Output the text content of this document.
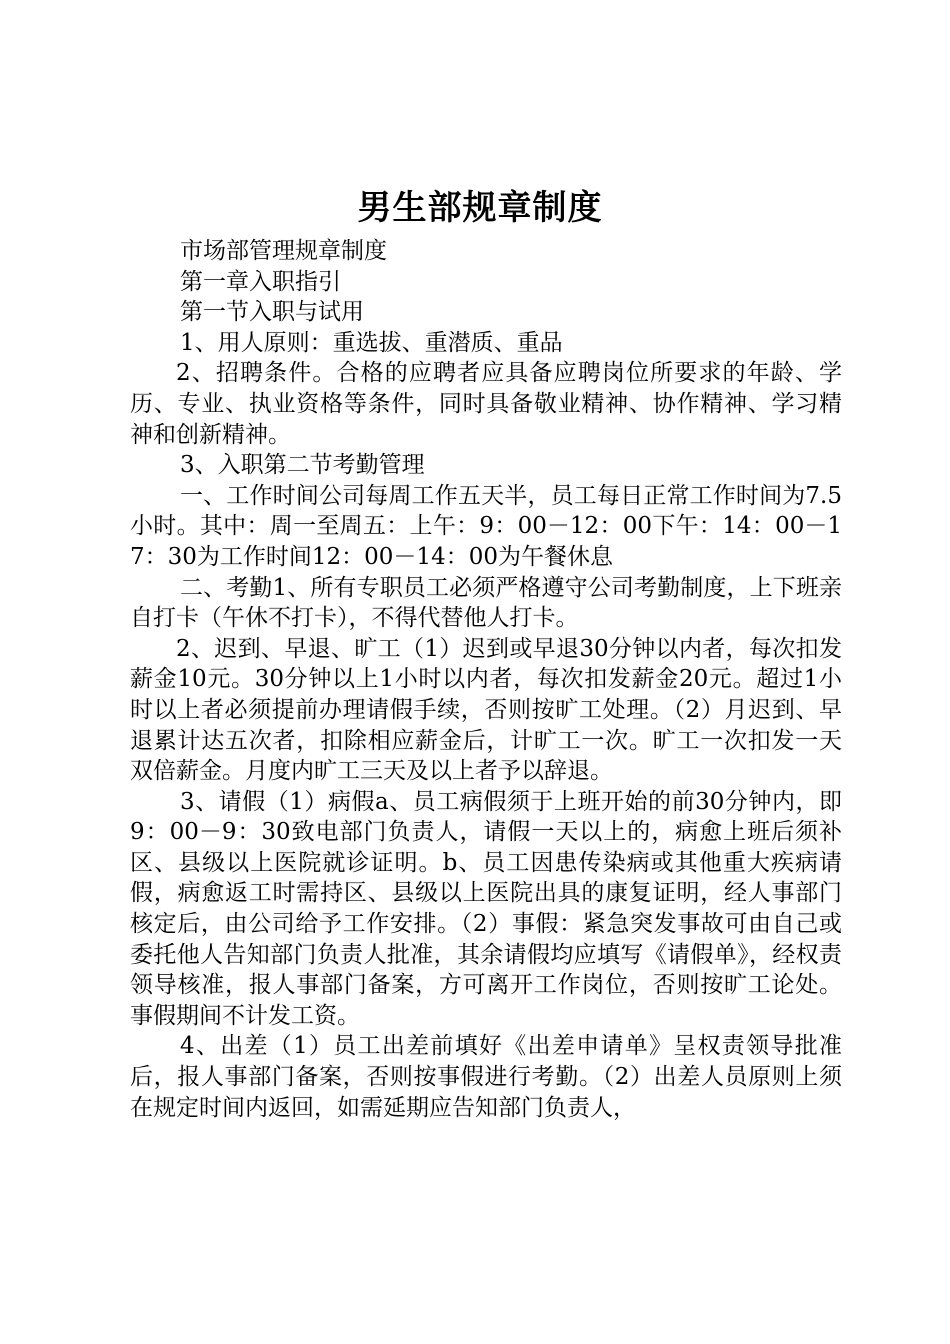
男生部规章制度

市场部管理规章制度

第一章入职指引

第一节入职与试用

1、用人原则：重选拔、重潜质、重品

2、招聘条件。合格的应聘者应具备应聘岗位所要求的年龄、学历、专业、执业资格等条件，同时具备敬业精神、协作精神、学习精神和创新精神。

3、入职第二节考勤管理

一、工作时间公司每周工作五天半，员工每日正常工作时间为7.5小时。其中：周一至周五：上午：9：00－12：00下午：14：00－17：30为工作时间12：00－14：00为午餐休息

二、考勤1、所有专职员工必须严格遵守公司考勤制度，上下班亲自打卡（午休不打卡），不得代替他人打卡。

2、迟到、早退、旷工（1）迟到或早退30分钟以内者，每次扣发薪金10元。30分钟以上1小时以内者，每次扣发薪金20元。超过1小时以上者必须提前办理请假手续，否则按旷工处理。（2）月迟到、早退累计达五次者，扣除相应薪金后，计旷工一次。旷工一次扣发一天双倍薪金。月度内旷工三天及以上者予以辞退。

3、请假（1）病假a、员工病假须于上班开始的前30分钟内，即9：00－9：30致电部门负责人，请假一天以上的，病愈上班后须补区、县级以上医院就诊证明。b、员工因患传染病或其他重大疾病请假，病愈返工时需持区、县级以上医院出具的康复证明，经人事部门核定后，由公司给予工作安排。（2）事假：紧急突发事故可由自己或委托他人告知部门负责人批准，其余请假均应填写《请假单》，经权责领导核准，报人事部门备案，方可离开工作岗位，否则按旷工论处。事假期间不计发工资。

4、出差（1）员工出差前填好《出差申请单》呈权责领导批准后，报人事部门备案，否则按事假进行考勤。（2）出差人员原则上须在规定时间内返回，如需延期应告知部门负责人，
